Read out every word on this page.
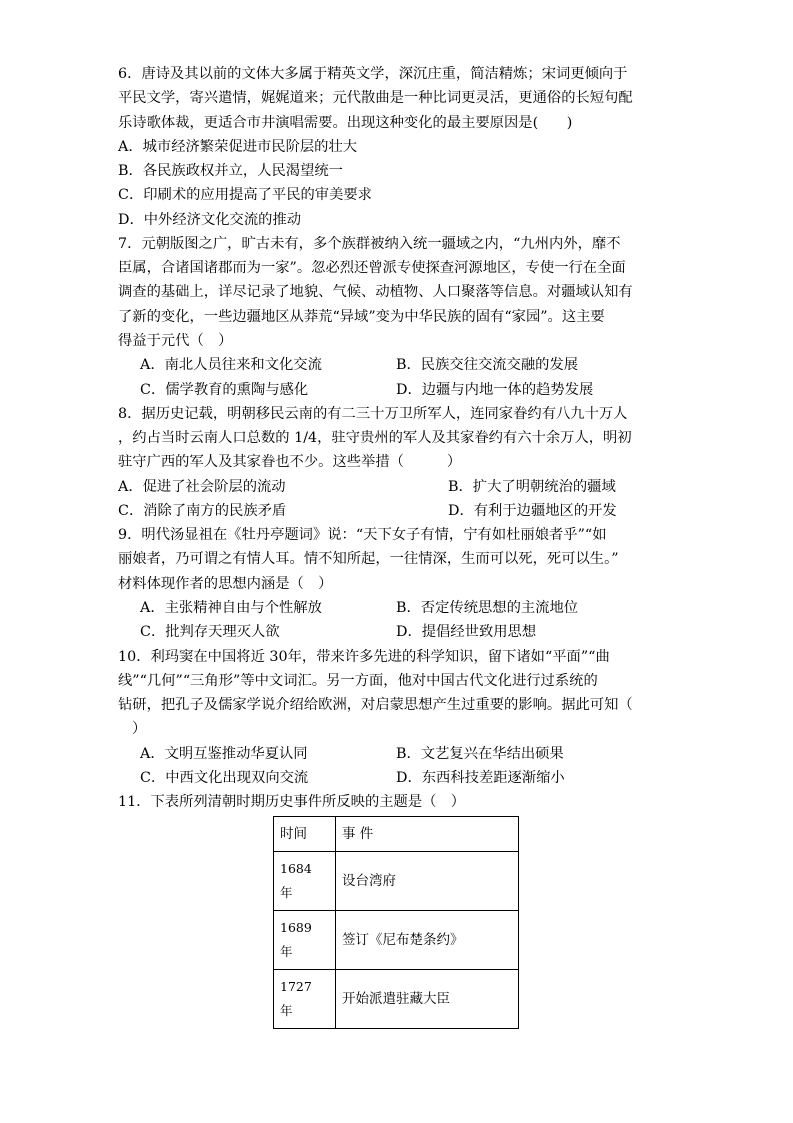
6．唐诗及其以前的文体大多属于精英文学，深沉庄重，简洁精炼；宋词更倾向于
平民文学，寄兴遣情，娓娓道来；元代散曲是一种比词更灵活，更通俗的长短句配
乐诗歌体裁，更适合市井演唱需要。出现这种变化的最主要原因是(　　)
A．城市经济繁荣促进市民阶层的壮大
B．各民族政权并立，人民渴望统一
C．印刷术的应用提高了平民的审美要求
D．中外经济文化交流的推动
7．元朝版图之广，旷古未有，多个族群被纳入统一疆域之内，“九州内外，靡不
臣属，合诸国诸郡而为一家”。忽必烈还曾派专使探查河源地区，专使一行在全面
调查的基础上，详尽记录了地貌、气候、动植物、人口聚落等信息。对疆域认知有
了新的变化，一些边疆地区从莽荒“异域”变为中华民族的固有“家园”。这主要
得益于元代（　）
A．南北人员往来和文化交流	B．民族交往交流交融的发展
C．儒学教育的熏陶与感化	D．边疆与内地一体的趋势发展
8．据历史记载，明朝移民云南的有二三十万卫所军人，连同家眷约有八九十万人
，约占当时云南人口总数的 1/4，驻守贵州的军人及其家眷约有六十余万人，明初
驻守广西的军人及其家眷也不少。这些举措（　　　）
A．促进了社会阶层的流动	B．扩大了明朝统治的疆域
C．消除了南方的民族矛盾	D．有利于边疆地区的开发
9．明代汤显祖在《牡丹亭题词》说：“天下女子有情，宁有如杜丽娘者乎”“如
丽娘者，乃可谓之有情人耳。情不知所起，一往情深，生而可以死，死可以生。”
材料体现作者的思想内涵是（　）
A．主张精神自由与个性解放	B．否定传统思想的主流地位
C．批判存天理灭人欲	D．提倡经世致用思想
10．利玛窦在中国将近 30年，带来许多先进的科学知识，留下诸如“平面”“曲
线”“几何”“三角形”等中文词汇。另一方面，他对中国古代文化进行过系统的
钻研，把孔子及儒家学说介绍给欧洲，对启蒙思想产生过重要的影响。据此可知（
）
A．文明互鉴推动华夏认同	B．文艺复兴在华结出硕果
C．中西文化出现双向交流	D．东西科技差距逐渐缩小
11．下表所列清朝时期历史事件所反映的主题是（　）
时间	事 件

1684
年	设台湾府

1689
年	签订《尼布楚条约》

1727
年	开始派遣驻藏大臣
